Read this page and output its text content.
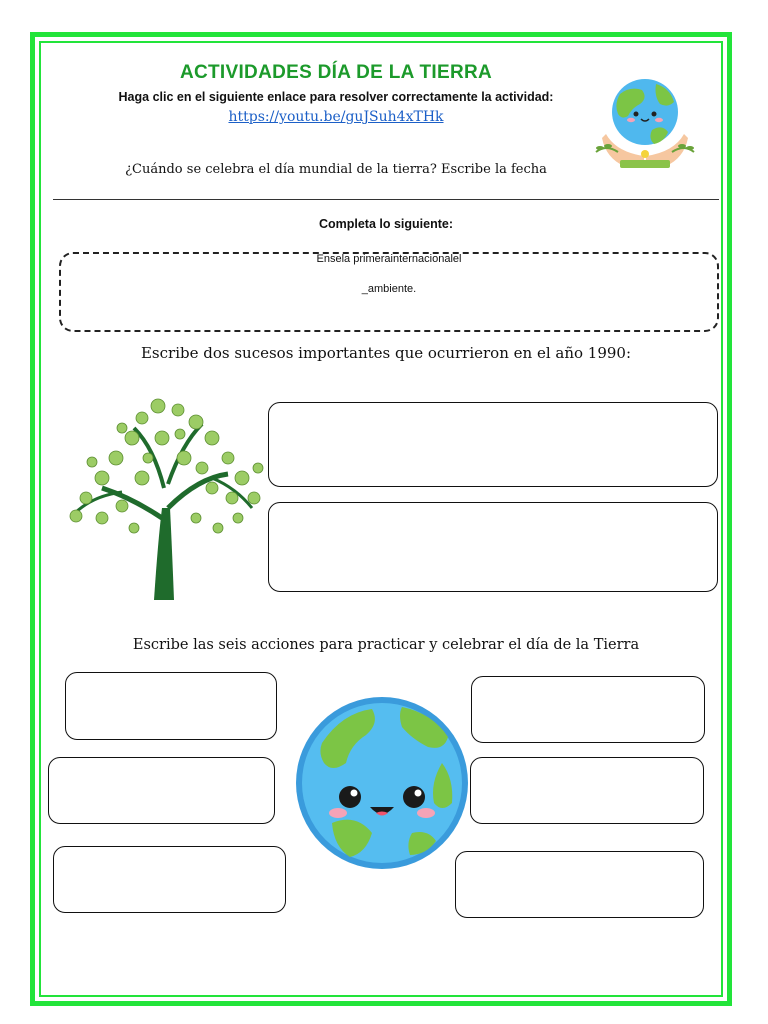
ACTIVIDADES DÍA DE LA TIERRA
Haga clic en el siguiente enlace para resolver correctamente la actividad:
https://youtu.be/guJSuh4xTHk
¿Cuándo se celebra el día mundial de la tierra? Escribe la fecha
Completa lo siguiente:
Ensela primerainternacionalel
_ambiente.
Escribe dos sucesos importantes que ocurrieron en el año 1990:
Escribe las seis acciones para practicar y celebrar el día de la Tierra
